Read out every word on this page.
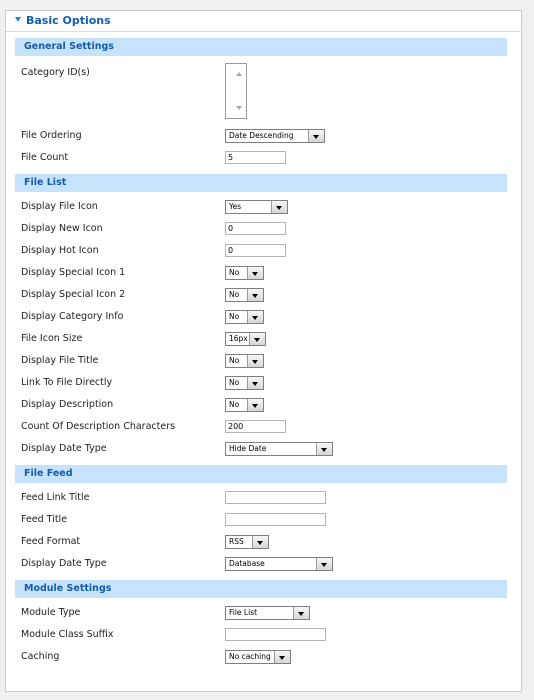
Basic Options
General Settings
Category ID(s)
File Ordering	Date Descending
File Count	5
File List
Display File Icon	Yes
Display New Icon	0
Display Hot Icon	0
Display Special Icon 1	No
Display Special Icon 2	No
Display Category Info	No
File Icon Size	16px
Display File Title	No
Link To File Directly	No
Display Description	No
Count Of Description Characters	200
Display Date Type	Hide Date
File Feed
Feed Link Title
Feed Title
Feed Format	RSS
Display Date Type	Database
Module Settings
Module Type	File List
Module Class Suffix
Caching	No caching
